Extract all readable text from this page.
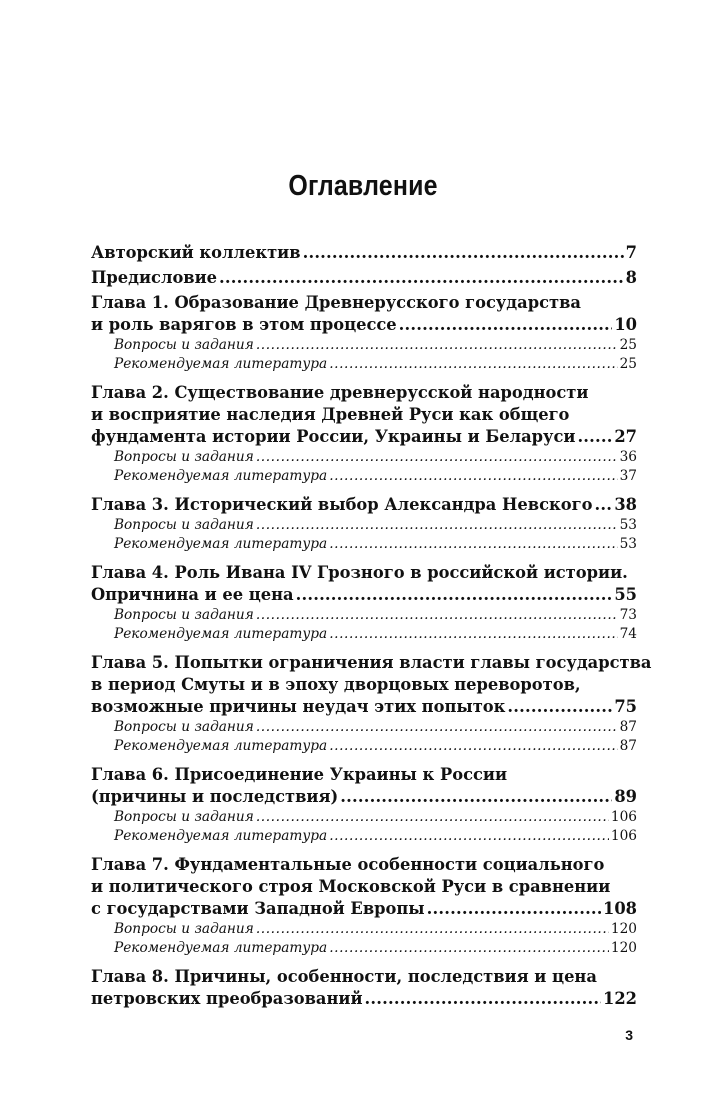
Оглавление
Авторский коллектив .....	7
Предисловие .....	8
Глава 1. Образование Древнерусского государства
и роль варягов в этом процессе .....	10
Вопросы и задания .....	25
Рекомендуемая литература .....	25
Глава 2. Существование древнерусской народности
и восприятие наследия Древней Руси как общего
фундамента истории России, Украины и Беларуси ..... 27
Вопросы и задания .....	36
Рекомендуемая литература .....	37
Глава 3. Исторический выбор Александра Невского ..... 38
Вопросы и задания .....	53
Рекомендуемая литература .....	53
Глава 4. Роль Ивана IV Грозного в российской истории.
Опричнина и ее цена .....	55
Вопросы и задания .....	73
Рекомендуемая литература .....	74
Глава 5. Попытки ограничения власти главы государства
в период Смуты и в эпоху дворцовых переворотов,
возможные причины неудач этих попыток .....	75
Вопросы и задания .....	87
Рекомендуемая литература .....	87
Глава 6. Присоединение Украины к России
(причины и последствия) .....	89
Вопросы и задания .....	106
Рекомендуемая литература .....	106
Глава 7. Фундаментальные особенности социального
и политического строя Московской Руси в сравнении
с государствами Западной Европы .....	108
Вопросы и задания .....	120
Рекомендуемая литература .....	120
Глава 8. Причины, особенности, последствия и цена
петровских преобразований .....	122
3
